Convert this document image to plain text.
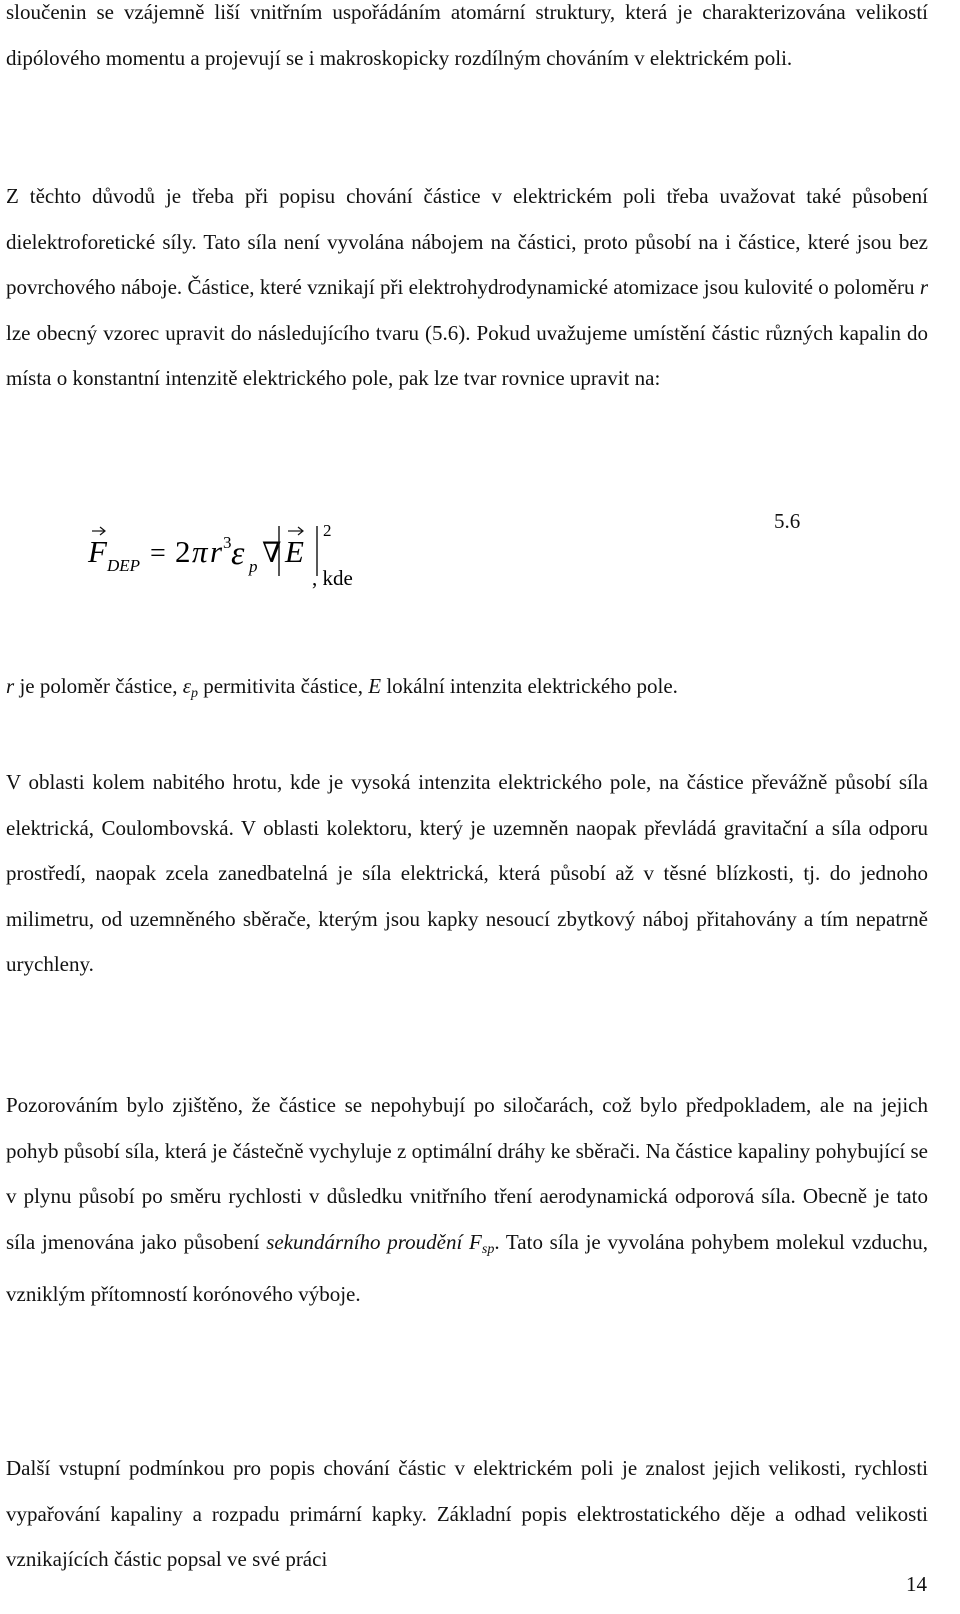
sloučenin se vzájemně liší vnitřním uspořádáním atomární struktury, která je charakterizována velikostí dipólového momentu a projevují se i makroskopicky rozdílným chováním v elektrickém poli.

Z těchto důvodů je třeba při popisu chování částice v elektrickém poli třeba uvažovat také působení dielektroforetické síly. Tato síla není vyvolána nábojem na částici, proto působí na i částice, které jsou bez povrchového náboje. Částice, které vznikají při elektrohydrodynamické atomizace jsou kulovité o poloměru r lze obecný vzorec upravit do následujícího tvaru (5.6). Pokud uvažujeme umístění částic různých kapalin do místa o konstantní intenzitě elektrického pole, pak lze tvar rovnice upravit na:

F DEP = 2 π r 3 ε p ∇ E
2
, kde
5.6

r je poloměr částice, $\varepsilon_p$ permitivita částice, E lokální intenzita elektrického pole.

V oblasti kolem nabitého hrotu, kde je vysoká intenzita elektrického pole, na částice převážně působí síla elektrická, Coulombovská. V oblasti kolektoru, který je uzemněn naopak převládá gravitační a síla odporu prostředí, naopak zcela zanedbatelná je síla elektrická, která působí až v těsné blízkosti, tj. do jednoho milimetru, od uzemněného sběrače, kterým jsou kapky nesoucí zbytkový náboj přitahovány a tím nepatrně urychleny.

Pozorováním bylo zjištěno, že částice se nepohybují po siločarách, což bylo předpokladem, ale na jejich pohyb působí síla, která je částečně vychyluje z optimální dráhy ke sběrači. Na částice kapaliny pohybující se v plynu působí po směru rychlosti v důsledku vnitřního tření aerodynamická odporová síla. Obecně je tato síla jmenována jako působení sekundárního proudění $F_{sp}$. Tato síla je vyvolána pohybem molekul vzduchu, vzniklým přítomností korónového výboje.

Další vstupní podmínkou pro popis chování částic v elektrickém poli je znalost jejich velikosti, rychlosti vypařování kapaliny a rozpadu primární kapky. Základní popis elektrostatického děje a odhad velikosti vznikajících částic popsal ve své práci

14
